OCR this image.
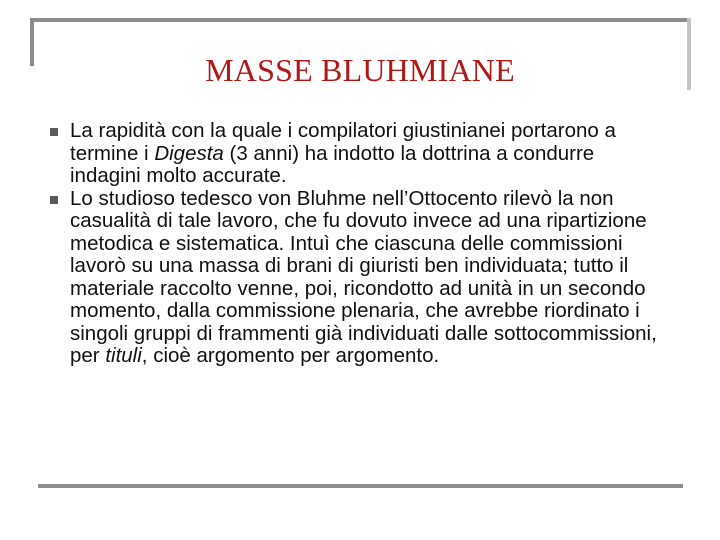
MASSE BLUHMIANE
La rapidità con la quale i compilatori giustinianei portarono a termine i Digesta (3 anni) ha indotto la dottrina a condurre indagini molto accurate.
Lo studioso tedesco von Bluhme nell’Ottocento rilevò la non casualità di tale lavoro, che fu dovuto invece ad una ripartizione metodica e sistematica. Intuì che ciascuna delle commissioni lavorò su una massa di brani di giuristi ben individuata; tutto il materiale raccolto venne, poi, ricondotto ad unità in un secondo momento, dalla commissione plenaria, che avrebbe riordinato i singoli gruppi di frammenti già individuati dalle sottocommissioni, per tituli, cioè argomento per argomento.
